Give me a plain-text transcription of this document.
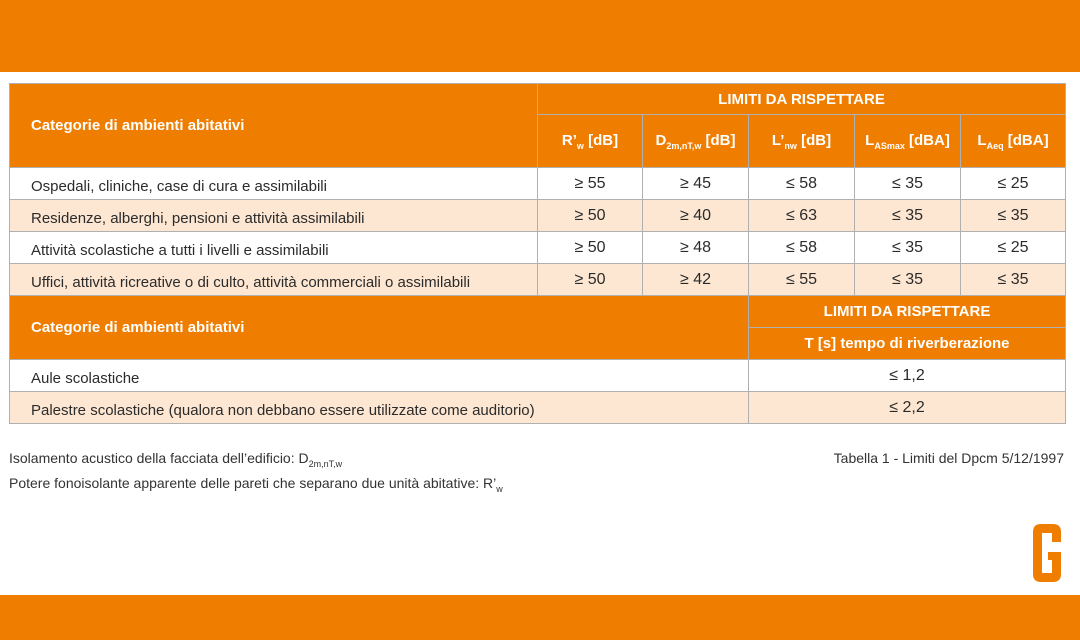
Categorie di ambienti abitativi	LIMITI DA RISPETTARE				
	$R’_w$ [dB]	$D_{2m,nT,w}$ [dB]	$L’_{nw}$ [dB]	$L_{ASmax}$ [dBA]	$L_{Aeq}$ [dBA]
Ospedali, cliniche, case di cura e assimilabili	≥ 55	≥ 45	≤ 58	≤ 35	≤ 25
Residenze, alberghi, pensioni e attività assimilabili	≥ 50	≥ 40	≤ 63	≤ 35	≤ 35
Attività scolastiche a tutti i livelli e assimilabili	≥ 50	≥ 48	≤ 58	≤ 35	≤ 25
Uffici, attività ricreative o di culto, attività commerciali o assimilabili	≥ 50	≥ 42	≤ 55	≤ 35	≤ 35
Categorie di ambienti abitativi			LIMITI DA RISPETTARE		
			T [s] tempo di riverberazione		
Aule scolastiche			≤ 1,2		
Palestre scolastiche (qualora non debbano essere utilizzate come auditorio)			≤ 2,2		
Isolamento acustico della facciata dell’edificio: $D_{2m,nT,w}$
Potere fonoisolante apparente delle pareti che separano due unità abitative: $R’_w$
Tabella 1 - Limiti del Dpcm 5/12/1997
